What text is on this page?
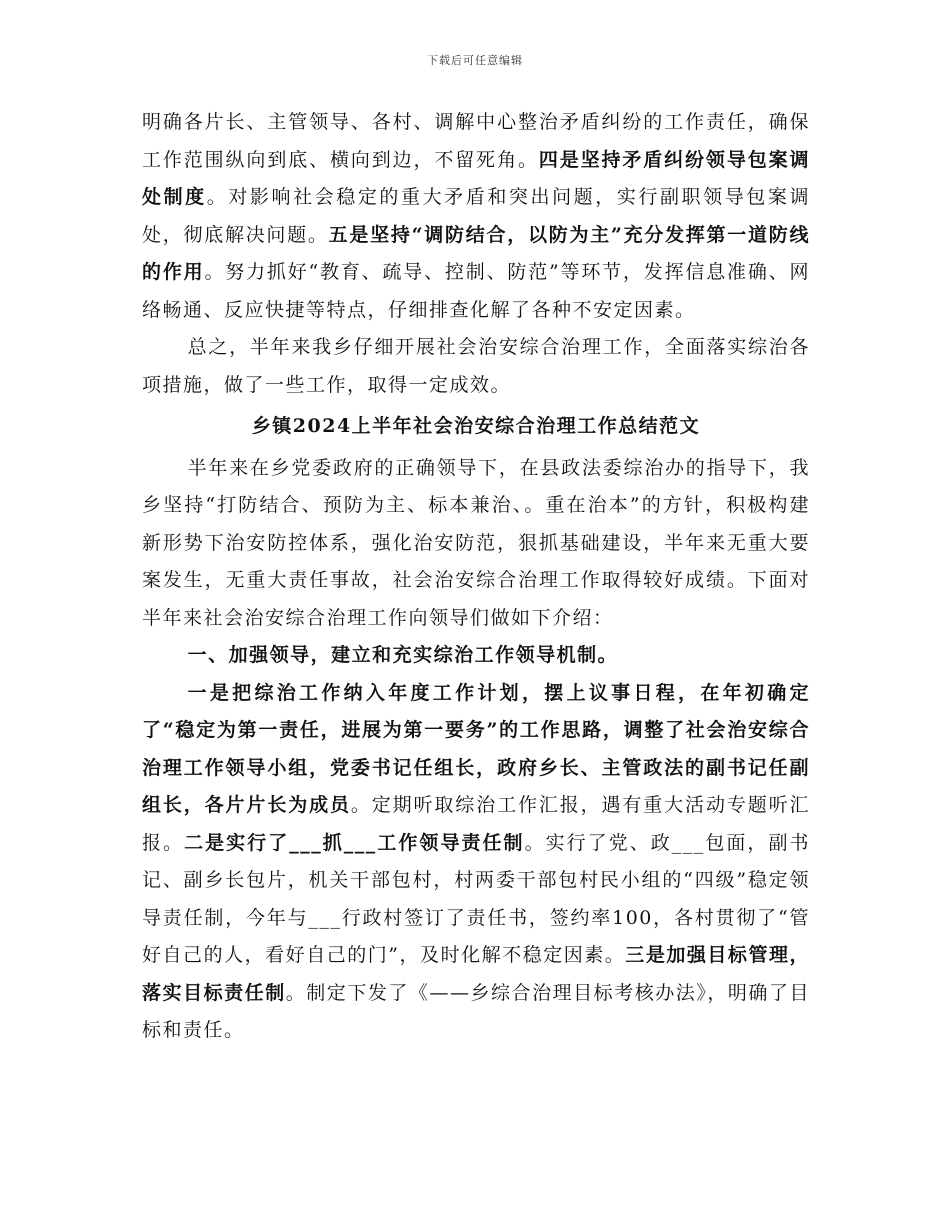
下载后可任意编辑

明确各片长、主管领导、各村、调解中心整治矛盾纠纷的工作责任，确保工作范围纵向到底、横向到边，不留死角。四是坚持矛盾纠纷领导包案调处制度。对影响社会稳定的重大矛盾和突出问题，实行副职领导包案调处，彻底解决问题。五是坚持“调防结合，以防为主”充分发挥第一道防线的作用。努力抓好“教育、疏导、控制、防范”等环节，发挥信息准确、网络畅通、反应快捷等特点，仔细排查化解了各种不安定因素。

总之，半年来我乡仔细开展社会治安综合治理工作，全面落实综治各项措施，做了一些工作，取得一定成效。

乡镇2024上半年社会治安综合治理工作总结范文

半年来在乡党委政府的正确领导下，在县政法委综治办的指导下，我乡坚持“打防结合、预防为主、标本兼治、。重在治本”的方针，积极构建新形势下治安防控体系，强化治安防范，狠抓基础建设，半年来无重大要案发生，无重大责任事故，社会治安综合治理工作取得较好成绩。下面对半年来社会治安综合治理工作向领导们做如下介绍：

一、加强领导，建立和充实综治工作领导机制。

一是把综治工作纳入年度工作计划，摆上议事日程，在年初确定了“稳定为第一责任，进展为第一要务”的工作思路，调整了社会治安综合治理工作领导小组，党委书记任组长，政府乡长、主管政法的副书记任副组长，各片片长为成员。定期听取综治工作汇报，遇有重大活动专题听汇报。二是实行了___抓___工作领导责任制。实行了党、政___包面，副书记、副乡长包片，机关干部包村，村两委干部包村民小组的“四级”稳定领导责任制，今年与___行政村签订了责任书，签约率100，各村贯彻了“管好自己的人，看好自己的门”，及时化解不稳定因素。三是加强目标管理，落实目标责任制。制定下发了《——乡综合治理目标考核办法》，明确了目标和责任。
